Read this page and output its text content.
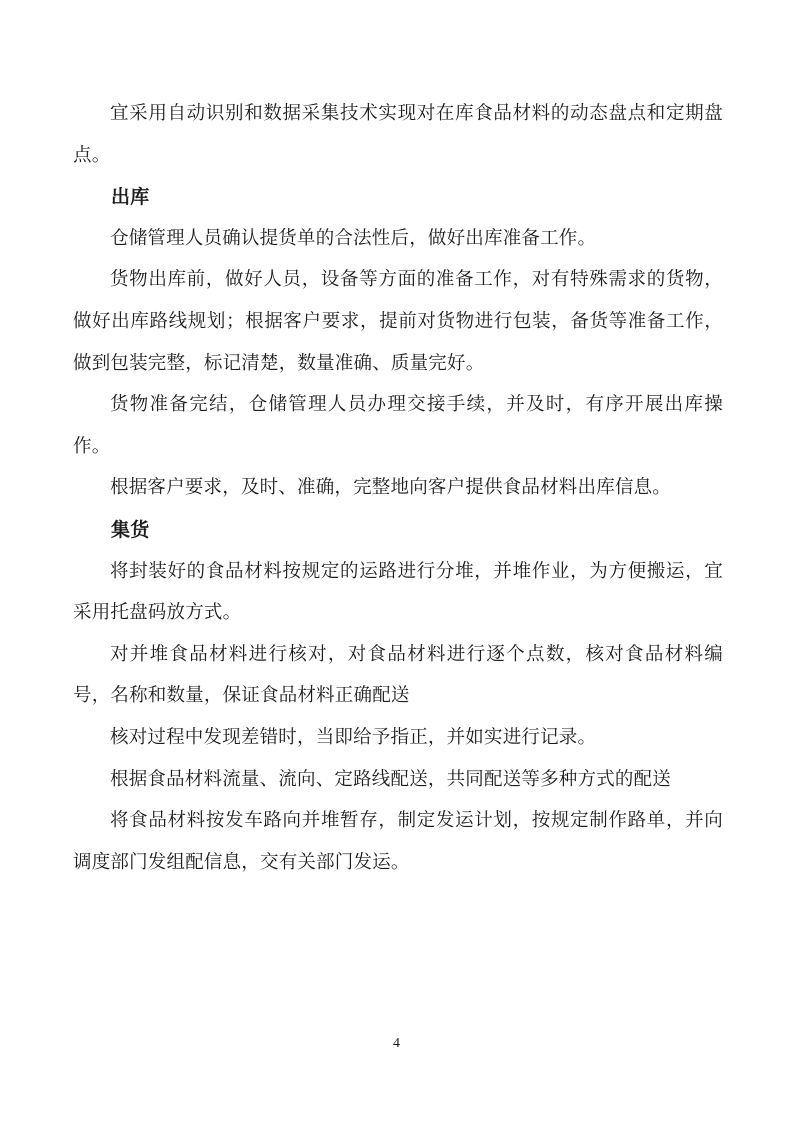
宜采用自动识别和数据采集技术实现对在库食品材料的动态盘点和定期盘点。

出库

仓储管理人员确认提货单的合法性后，做好出库准备工作。

货物出库前，做好人员，设备等方面的准备工作，对有特殊需求的货物，做好出库路线规划；根据客户要求，提前对货物进行包装，备货等准备工作，做到包装完整，标记清楚，数量准确、质量完好。

货物准备完结，仓储管理人员办理交接手续，并及时，有序开展出库操作。

根据客户要求，及时、准确，完整地向客户提供食品材料出库信息。

集货

将封装好的食品材料按规定的运路进行分堆，并堆作业，为方便搬运，宜采用托盘码放方式。

对并堆食品材料进行核对，对食品材料进行逐个点数，核对食品材料编号，名称和数量，保证食品材料正确配送

核对过程中发现差错时，当即给予指正，并如实进行记录。

根据食品材料流量、流向、定路线配送，共同配送等多种方式的配送

将食品材料按发车路向并堆暂存，制定发运计划，按规定制作路单，并向调度部门发组配信息，交有关部门发运。

4
